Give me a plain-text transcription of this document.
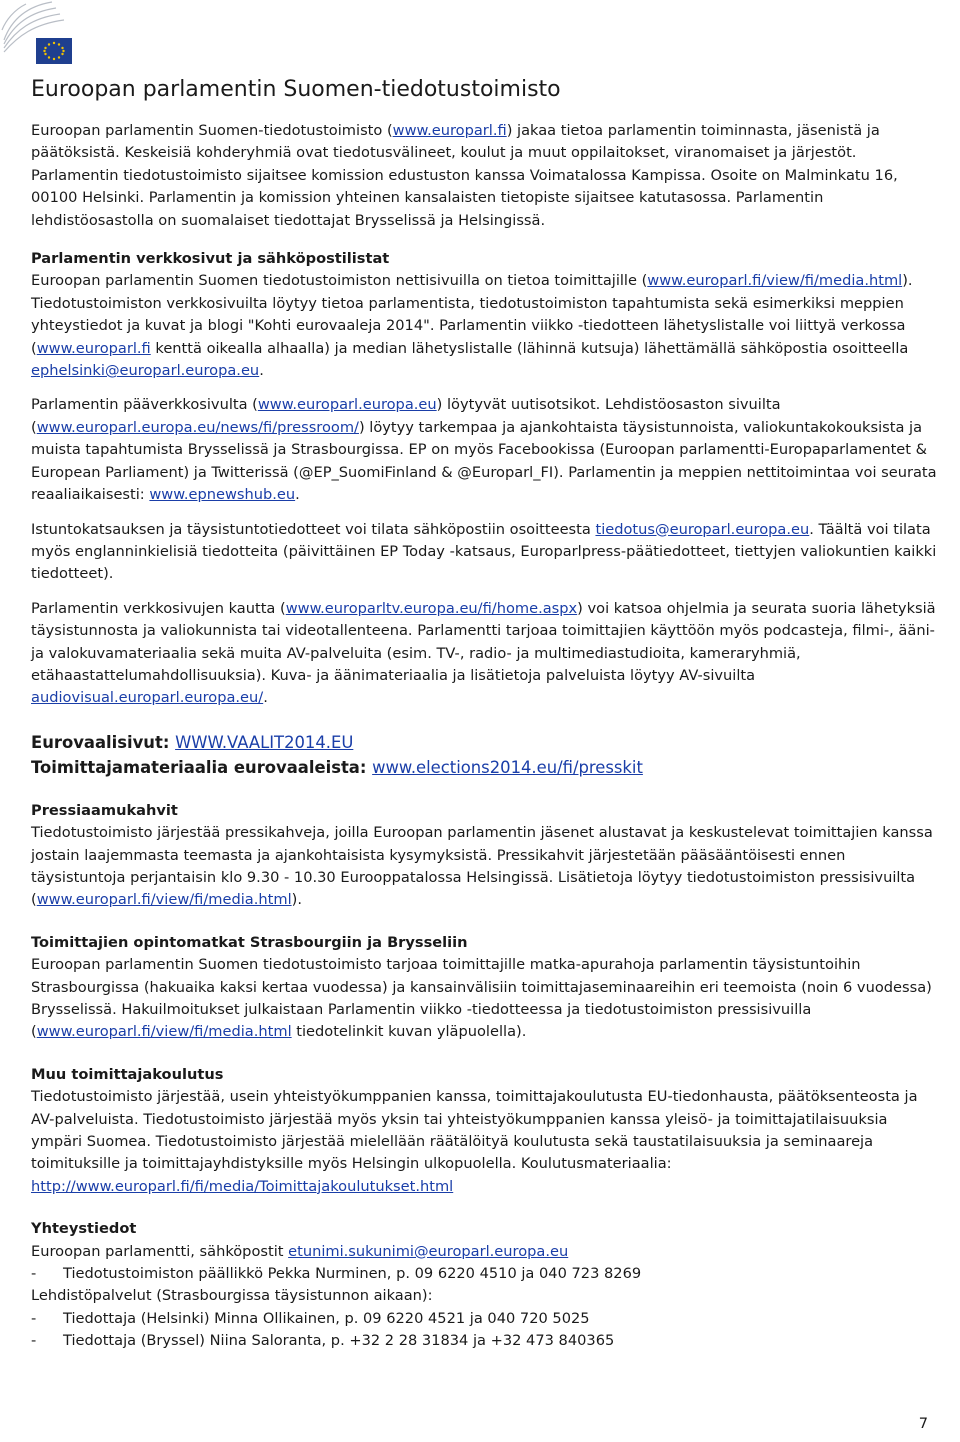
Euroopan parlamentin Suomen-tiedotustoimisto

Euroopan parlamentin Suomen-tiedotustoimisto (www.europarl.fi) jakaa tietoa parlamentin toiminnasta, jäsenistä ja päätöksistä. Keskeisiä kohderyhmiä ovat tiedotusvälineet, koulut ja muut oppilaitokset, viranomaiset ja järjestöt. Parlamentin tiedotustoimisto sijaitsee komission edustuston kanssa Voimatalossa Kampissa. Osoite on Malminkatu 16, 00100 Helsinki. Parlamentin ja komission yhteinen kansalaisten tietopiste sijaitsee katutasossa. Parlamentin lehdistöosastolla on suomalaiset tiedottajat Brysselissä ja Helsingissä.

Parlamentin verkkosivut ja sähköpostilistat
Euroopan parlamentin Suomen tiedotustoimiston nettisivuilla on tietoa toimittajille (www.europarl.fi/view/fi/media.html). Tiedotustoimiston verkkosivuilta löytyy tietoa parlamentista, tiedotustoimiston tapahtumista sekä esimerkiksi meppien yhteystiedot ja kuvat ja blogi "Kohti eurovaaleja 2014". Parlamentin viikko -tiedotteen lähetyslistalle voi liittyä verkossa (www.europarl.fi kenttä oikealla alhaalla) ja median lähetyslistalle (lähinnä kutsuja) lähettämällä sähköpostia osoitteella ephelsinki@europarl.europa.eu.

Parlamentin pääverkkosivulta (www.europarl.europa.eu) löytyvät uutisotsikot. Lehdistöosaston sivuilta (www.europarl.europa.eu/news/fi/pressroom/) löytyy tarkempaa ja ajankohtaista täysistunnoista, valiokuntakokouksista ja muista tapahtumista Brysselissä ja Strasbourgissa. EP on myös Facebookissa (Euroopan parlamentti-Europaparlamentet & European Parliament) ja Twitterissä (@EP_SuomiFinland & @Europarl_FI). Parlamentin ja meppien nettitoimintaa voi seurata reaaliaikaisesti: www.epnewshub.eu.

Istuntokatsauksen ja täysistuntotiedotteet voi tilata sähköpostiin osoitteesta tiedotus@europarl.europa.eu. Täältä voi tilata myös englanninkielisiä tiedotteita (päivittäinen EP Today -katsaus, Europarlpress-päätiedotteet, tiettyjen valiokuntien kaikki tiedotteet).

Parlamentin verkkosivujen kautta (www.europarltv.europa.eu/fi/home.aspx) voi katsoa ohjelmia ja seurata suoria lähetyksiä täysistunnosta ja valiokunnista tai videotallenteena. Parlamentti tarjoaa toimittajien käyttöön myös podcasteja, filmi-, ääni- ja valokuvamateriaalia sekä muita AV-palveluita (esim. TV-, radio- ja multimediastudioita, kameraryhmiä, etähaastattelumahdollisuuksia). Kuva- ja äänimateriaalia ja lisätietoja palveluista löytyy AV-sivuilta audiovisual.europarl.europa.eu/.

Eurovaalisivut: WWW.VAALIT2014.EU
Toimittajamateriaalia eurovaaleista: www.elections2014.eu/fi/presskit

Pressiaamukahvit
Tiedotustoimisto järjestää pressikahveja, joilla Euroopan parlamentin jäsenet alustavat ja keskustelevat toimittajien kanssa jostain laajemmasta teemasta ja ajankohtaisista kysymyksistä. Pressikahvit järjestetään pääsääntöisesti ennen täysistuntoja perjantaisin klo 9.30 - 10.30 Eurooppatalossa Helsingissä. Lisätietoja löytyy tiedotustoimiston pressisivuilta (www.europarl.fi/view/fi/media.html).

Toimittajien opintomatkat Strasbourgiin ja Brysseliin
Euroopan parlamentin Suomen tiedotustoimisto tarjoaa toimittajille matka-apurahoja parlamentin täysistuntoihin Strasbourgissa (hakuaika kaksi kertaa vuodessa) ja kansainvälisiin toimittajaseminaareihin eri teemoista (noin 6 vuodessa) Brysselissä. Hakuilmoitukset julkaistaan Parlamentin viikko -tiedotteessa ja tiedotustoimiston pressisivuilla (www.europarl.fi/view/fi/media.html tiedotelinkit kuvan yläpuolella).

Muu toimittajakoulutus
Tiedotustoimisto järjestää, usein yhteistyökumppanien kanssa, toimittajakoulutusta EU-tiedonhausta, päätöksenteosta ja AV-palveluista. Tiedotustoimisto järjestää myös yksin tai yhteistyökumppanien kanssa yleisö- ja toimittajatilaisuuksia ympäri Suomea. Tiedotustoimisto järjestää mielellään räätälöityä koulutusta sekä taustatilaisuuksia ja seminaareja toimituksille ja toimittajayhdistyksille myös Helsingin ulkopuolella. Koulutusmateriaalia: http://www.europarl.fi/fi/media/Toimittajakoulutukset.html

Yhteystiedot

Euroopan parlamentti, sähköpostit etunimi.sukunimi@europarl.europa.eu

-	Tiedotustoimiston päällikkö Pekka Nurminen, p. 09 6220 4510 ja 040 723 8269

Lehdistöpalvelut (Strasbourgissa täysistunnon aikaan):

-	Tiedottaja (Helsinki) Minna Ollikainen, p. 09 6220 4521 ja 040 720 5025
-	Tiedottaja (Bryssel) Niina Saloranta, p. +32 2 28 31834 ja +32 473 840365
7
